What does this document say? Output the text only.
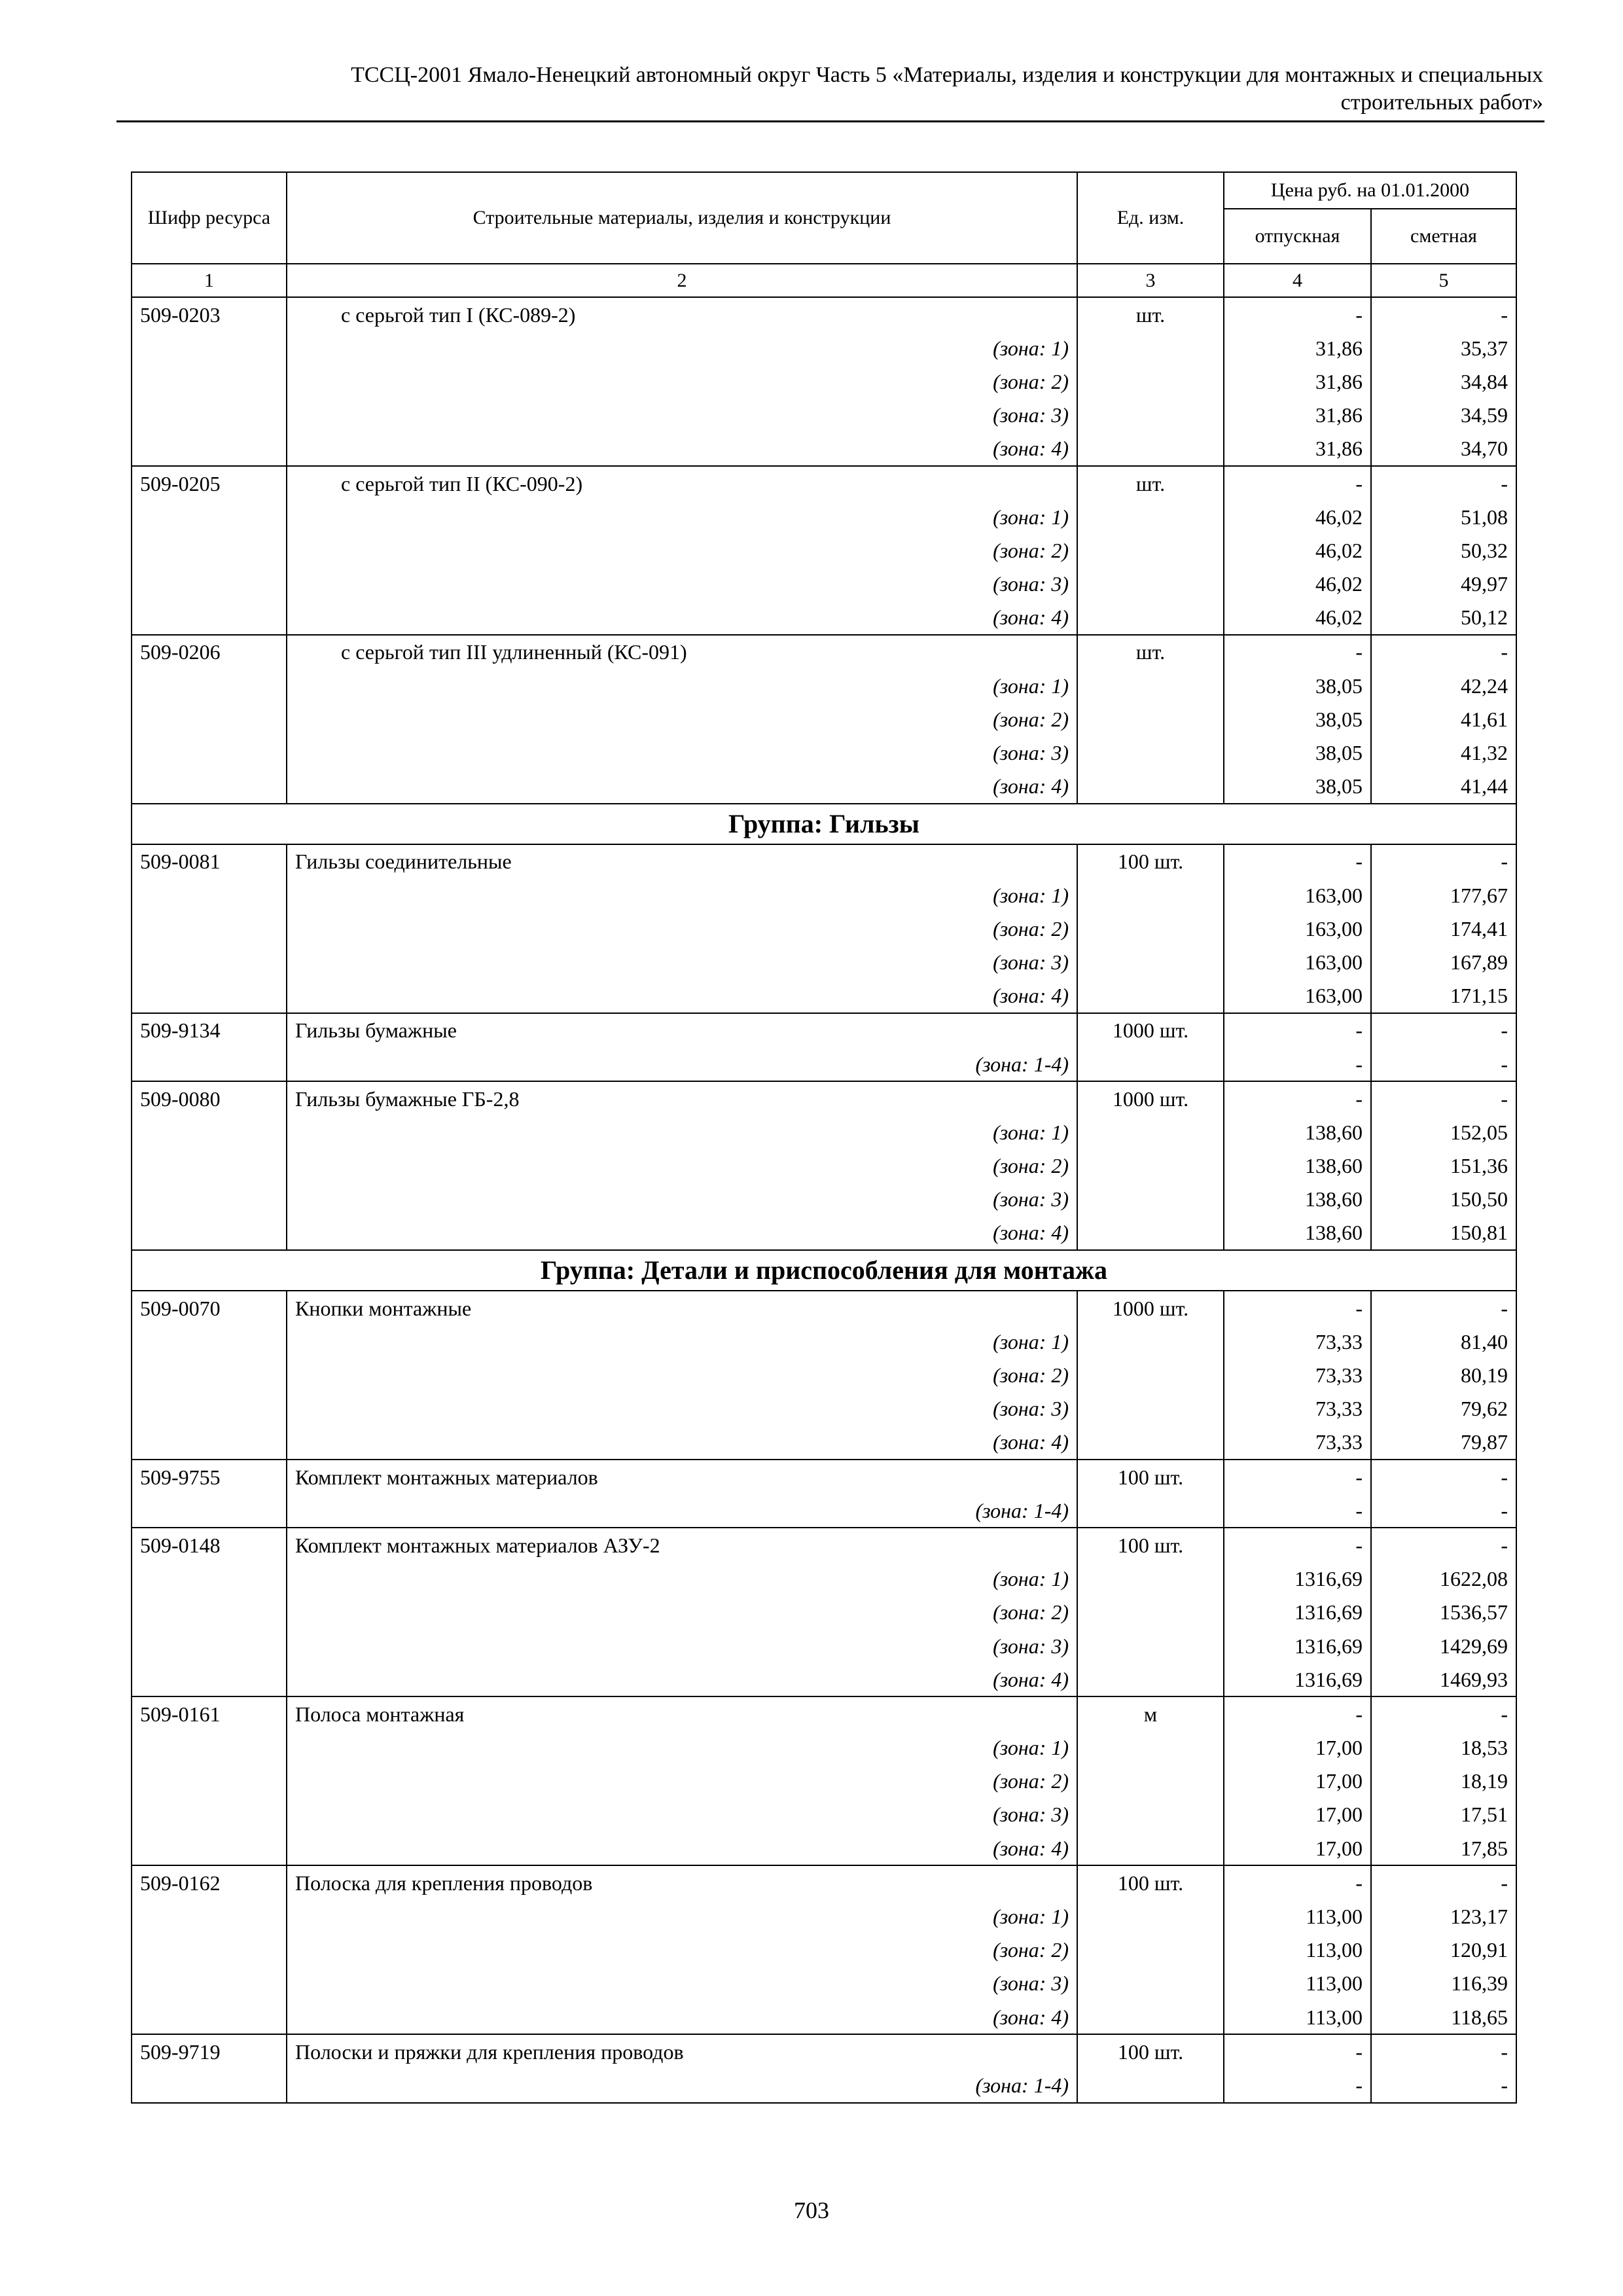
ТССЦ-2001 Ямало-Ненецкий автономный округ Часть 5 «Материалы, изделия и конструкции для монтажных и специальных
строительных работ»
Шифр ресурса	Строительные материалы, изделия и конструкции	Ед. изм.	Цена руб. на 01.01.2000	
			отпускная	сметная
1	2	3	4	5
509-0203	с серьгой тип I (КС-089-2)	шт.	-	-
	(зона: 1)		31,86	35,37
	(зона: 2)		31,86	34,84
	(зона: 3)		31,86	34,59
	(зона: 4)		31,86	34,70
509-0205	с серьгой тип II (КС-090-2)	шт.	-	-
	(зона: 1)		46,02	51,08
	(зона: 2)		46,02	50,32
	(зона: 3)		46,02	49,97
	(зона: 4)		46,02	50,12
509-0206	с серьгой тип III удлиненный (КС-091)	шт.	-	-
	(зона: 1)		38,05	42,24
	(зона: 2)		38,05	41,61
	(зона: 3)		38,05	41,32
	(зона: 4)		38,05	41,44
Группа: Гильзы				
509-0081	Гильзы соединительные	100 шт.	-	-
	(зона: 1)		163,00	177,67
	(зона: 2)		163,00	174,41
	(зона: 3)		163,00	167,89
	(зона: 4)		163,00	171,15
509-9134	Гильзы бумажные	1000 шт.	-	-
	(зона: 1-4)		-	-
509-0080	Гильзы бумажные ГБ-2,8	1000 шт.	-	-
	(зона: 1)		138,60	152,05
	(зона: 2)		138,60	151,36
	(зона: 3)		138,60	150,50
	(зона: 4)		138,60	150,81
Группа: Детали и приспособления для монтажа				
509-0070	Кнопки монтажные	1000 шт.	-	-
	(зона: 1)		73,33	81,40
	(зона: 2)		73,33	80,19
	(зона: 3)		73,33	79,62
	(зона: 4)		73,33	79,87
509-9755	Комплект монтажных материалов	100 шт.	-	-
	(зона: 1-4)		-	-
509-0148	Комплект монтажных материалов АЗУ-2	100 шт.	-	-
	(зона: 1)		1316,69	1622,08
	(зона: 2)		1316,69	1536,57
	(зона: 3)		1316,69	1429,69
	(зона: 4)		1316,69	1469,93
509-0161	Полоса монтажная	м	-	-
	(зона: 1)		17,00	18,53
	(зона: 2)		17,00	18,19
	(зона: 3)		17,00	17,51
	(зона: 4)		17,00	17,85
509-0162	Полоска для крепления проводов	100 шт.	-	-
	(зона: 1)		113,00	123,17
	(зона: 2)		113,00	120,91
	(зона: 3)		113,00	116,39
	(зона: 4)		113,00	118,65
509-9719	Полоски и пряжки для крепления проводов	100 шт.	-	-
	(зона: 1-4)		-	-
703
